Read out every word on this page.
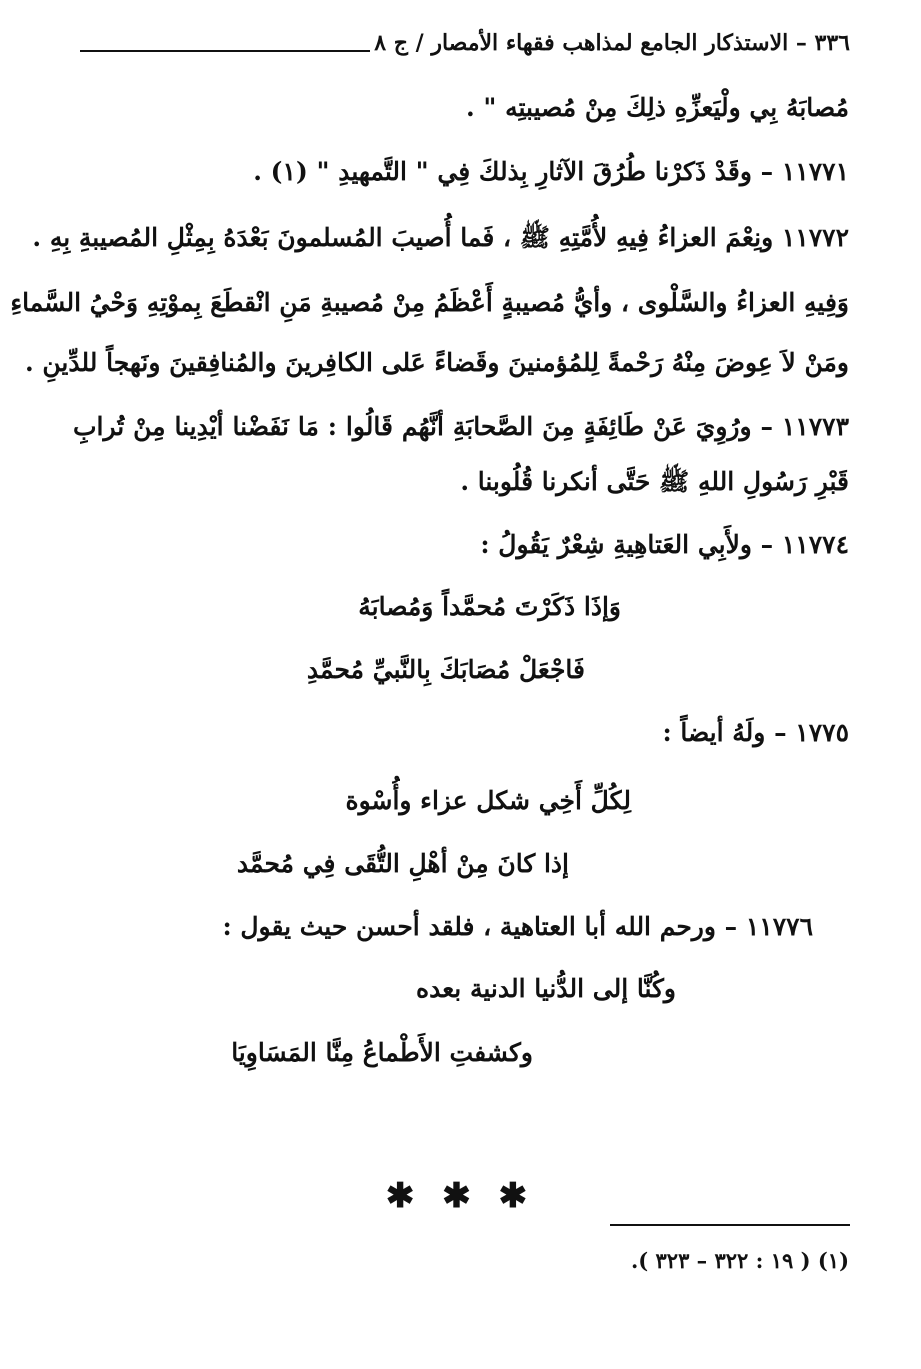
٣٣٦ – الاستذكار الجامع لمذاهب فقهاء الأمصار / ج ٨
مُصابَهُ بِي ولْيَعزِّهِ ذلِكَ مِنْ مُصيبتِه " .
١١٧٧١ – وقَدْ ذَكرْنا طُرُقَ الآثارِ بِذلكَ فِي " التَّمهيدِ " (١) .
١١٧٧٢ ونِعْمَ العزاءُ فِيهِ لأُمَّتِهِ ﷺ ، فَما أُصيبَ المُسلمونَ بَعْدَهُ بِمِثْلِ المُصيبةِ بِهِ .
وَفِيهِ العزاءُ والسَّلْوى ، وأيُّ مُصيبةٍ أَعْظَمُ مِنْ مُصيبةِ مَنِ انْقطَعَ بِموْتِهِ وَحْيُ السَّماءِ
ومَنْ لاَ عِوضَ مِنْهُ رَحْمةً لِلمُؤمنينَ وقَضاءً عَلى الكافِرينَ والمُنافِقينَ ونَهجاً للدِّينِ .
١١٧٧٣ – ورُوِيَ عَنْ طَائِفَةٍ مِنَ الصَّحابَةِ أنَّهُم قَالُوا : مَا نَفَضْنا أيْدِينا مِنْ تُرابِ
قَبْرِ رَسُولِ اللهِ ﷺ حَتَّى أنكرنا قُلُوبنا .
١١٧٧٤ – ولأَبِي العَتاهِيةِ شِعْرٌ يَقُولُ :
وَإذَا ذَكَرْتَ مُحمَّداً وَمُصابَهُ
فَاجْعَلْ مُصَابَكَ بِالنَّبيِّ مُحمَّدِ
١٧٧٥ – ولَهُ أيضاً :
لِكُلِّ أَخِي شكل عزاء وأُسْوة
إذا كانَ مِنْ أهْلِ التُّقَى فِي مُحمَّد
١١٧٧٦ – ورحم الله أبا العتاهية ، فلقد أحسن حيث يقول :
وكُنَّا إلى الدُّنيا الدنية بعده
وكشفتِ الأَطْماعُ مِنَّا المَسَاوِيَا
✱ ✱ ✱
(١) ( ١٩ : ٣٢٢ – ٣٢٣ ).
